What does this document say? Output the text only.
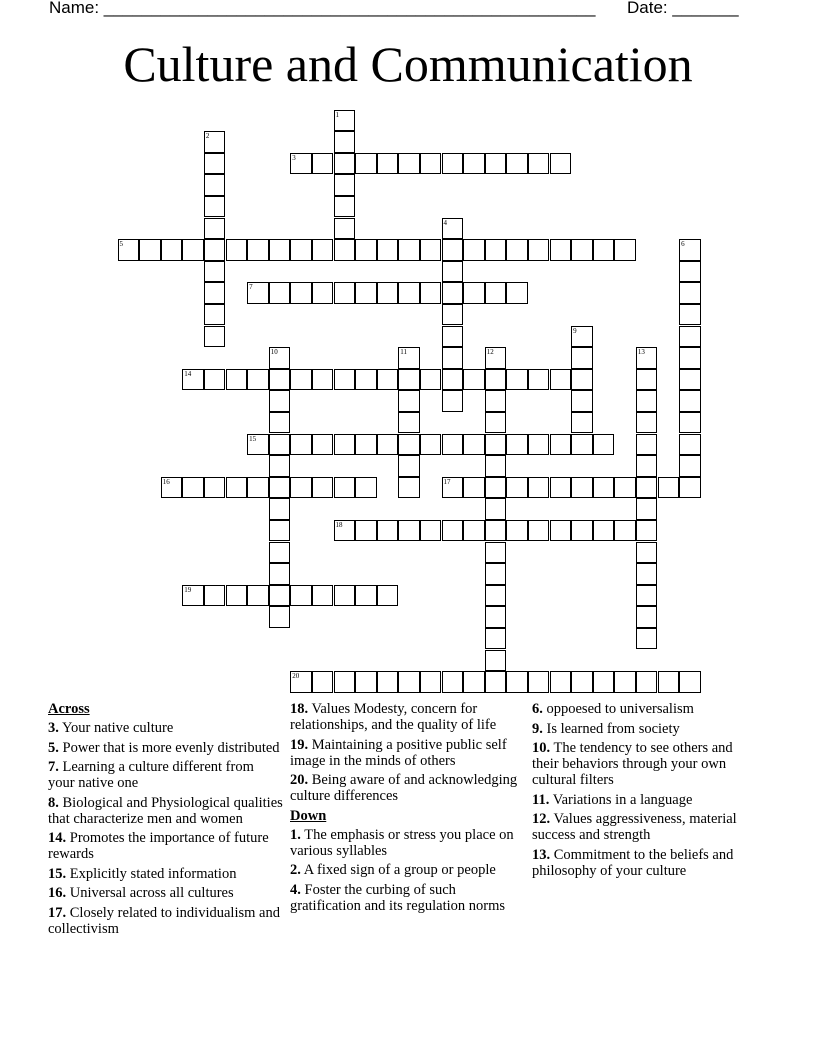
Name: ____________________________________________________ Date: _______
Culture and Communication
1
2
3
4
5	6
7
9
10	11	12	13
14
15
16	17
18
19
20
Across
3. Your native culture
5. Power that is more evenly distributed
7. Learning a culture different from your native one
8. Biological and Physiological qualities that characterize men and women
14. Promotes the importance of future rewards
15. Explicitly stated information
16. Universal across all cultures
17. Closely related to individualism and collectivism
18. Values Modesty, concern for relationships, and the quality of life
19. Maintaining a positive public self image in the minds of others
20. Being aware of and acknowledging culture differences
Down
1. The emphasis or stress you place on various syllables
2. A fixed sign of a group or people
4. Foster the curbing of such gratification and its regulation norms
6. oppoesed to universalism
9. Is learned from society
10. The tendency to see others and their behaviors through your own cultural filters
11. Variations in a language
12. Values aggressiveness, material success and strength
13. Commitment to the beliefs and philosophy of your culture
